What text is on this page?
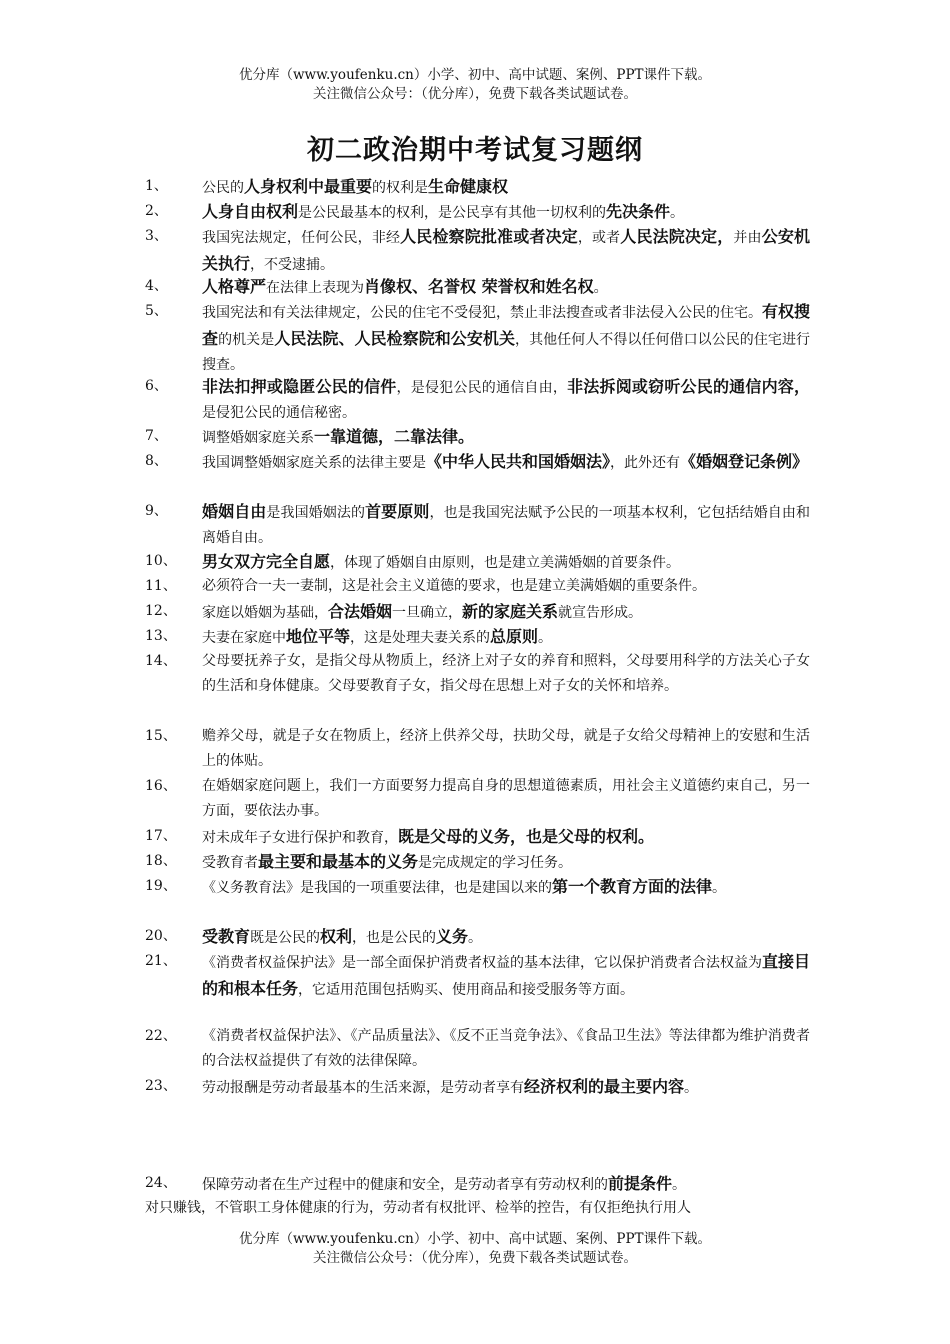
优分库（www.youfenku.cn）小学、初中、高中试题、案例、PPT课件下载。
关注微信公众号：（优分库），免费下载各类试题试卷。
初二政治期中考试复习题纲
1、 公民的人身权利中最重要的权利是生命健康权
2、 人身自由权利是公民最基本的权利，是公民享有其他一切权利的先决条件。
3、 我国宪法规定，任何公民，非经人民检察院批准或者决定，或者人民法院决定，并由公安机关执行，不受逮捕。
4、 人格尊严在法律上表现为肖像权、名誉权 荣誉权和姓名权。
5、 我国宪法和有关法律规定，公民的住宅不受侵犯，禁止非法搜查或者非法侵入公民的住宅。有权搜查的机关是人民法院、人民检察院和公安机关，其他任何人不得以任何借口以公民的住宅进行搜查。
6、 非法扣押或隐匿公民的信件，是侵犯公民的通信自由，非法拆阅或窃听公民的通信内容，是侵犯公民的通信秘密。
7、 调整婚姻家庭关系一靠道德，二靠法律。
8、 我国调整婚姻家庭关系的法律主要是《中华人民共和国婚姻法》，此外还有《婚姻登记条例》
9、 婚姻自由是我国婚姻法的首要原则，也是我国宪法赋予公民的一项基本权利，它包括结婚自由和离婚自由。
10、 男女双方完全自愿，体现了婚姻自由原则，也是建立美满婚姻的首要条件。
11、 必须符合一夫一妻制，这是社会主义道德的要求，也是建立美满婚姻的重要条件。
12、 家庭以婚姻为基础，合法婚姻一旦确立，新的家庭关系就宣告形成。
13、 夫妻在家庭中地位平等，这是处理夫妻关系的总原则。
14、 父母要抚养子女，是指父母从物质上，经济上对子女的养育和照料，父母要用科学的方法关心子女的生活和身体健康。父母要教育子女，指父母在思想上对子女的关怀和培养。
15、 赡养父母，就是子女在物质上，经济上供养父母，扶助父母，就是子女给父母精神上的安慰和生活上的体贴。
16、 在婚姻家庭问题上，我们一方面要努力提高自身的思想道德素质，用社会主义道德约束自己，另一方面，要依法办事。
17、 对未成年子女进行保护和教育，既是父母的义务，也是父母的权利。
18、 受教育者最主要和最基本的义务是完成规定的学习任务。
19、 《义务教育法》是我国的一项重要法律，也是建国以来的第一个教育方面的法律。
20、 受教育既是公民的权利，也是公民的义务。
21、 《消费者权益保护法》是一部全面保护消费者权益的基本法律，它以保护消费者合法权益为直接目的和根本任务，它适用范围包括购买、使用商品和接受服务等方面。
22、 《消费者权益保护法》、《产品质量法》、《反不正当竞争法》、《食品卫生法》等法律都为维护消费者的合法权益提供了有效的法律保障。
23、 劳动报酬是劳动者最基本的生活来源，是劳动者享有经济权利的最主要内容。
24、 保障劳动者在生产过程中的健康和安全，是劳动者享有劳动权利的前提条件。
对只赚钱，不管职工身体健康的行为，劳动者有权批评、检举的控告，有仅拒绝执行用人
优分库（www.youfenku.cn）小学、初中、高中试题、案例、PPT课件下载。
关注微信公众号：（优分库），免费下载各类试题试卷。
